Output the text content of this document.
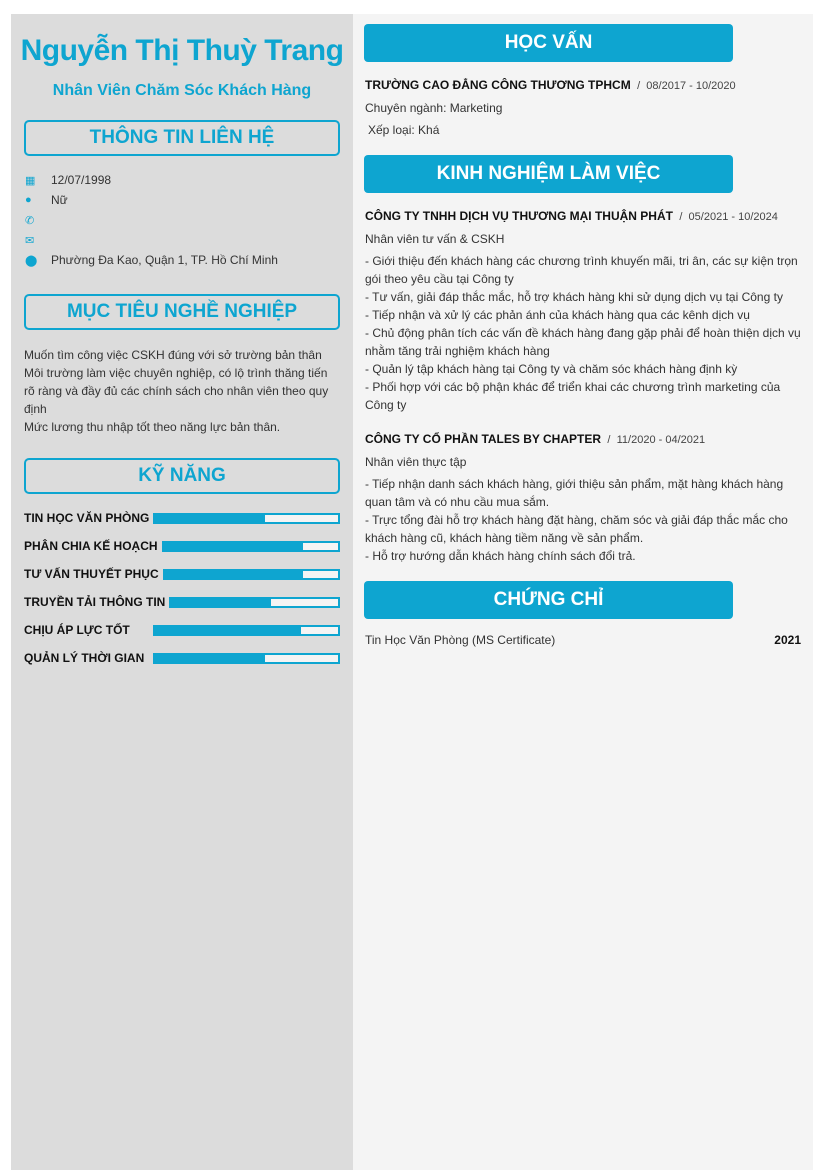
Nguyễn Thị Thuỳ Trang
Nhân Viên Chăm Sóc Khách Hàng
THÔNG TIN LIÊN HỆ
▦	12/07/1998
●	Nữ
✆
✉
⬤	Phường Đa Kao, Quận 1, TP. Hồ Chí Minh
MỤC TIÊU NGHỀ NGHIỆP
Muốn tìm công việc CSKH đúng với sở trường bản thân
Môi trường làm việc chuyên nghiệp, có lộ trình thăng tiến rõ ràng và đầy đủ các chính sách cho nhân viên theo quy định
Mức lương thu nhập tốt theo năng lực bản thân.
KỸ NĂNG
TIN HỌC VĂN PHÒNG
PHÂN CHIA KẾ HOẠCH
TƯ VẤN THUYẾT PHỤC
TRUYỀN TẢI THÔNG TIN
CHỊU ÁP LỰC TỐT
QUẢN LÝ THỜI GIAN
HỌC VẤN
TRƯỜNG CAO ĐẲNG CÔNG THƯƠNG TPHCM  /  08/2017 - 10/2020
Chuyên ngành: Marketing
Xếp loại: Khá
KINH NGHIỆM LÀM VIỆC
CÔNG TY TNHH DỊCH VỤ THƯƠNG MẠI THUẬN PHÁT  /  05/2021 - 10/2024
Nhân viên tư vấn & CSKH
- Giới thiệu đến khách hàng các chương trình khuyến mãi, tri ân, các sự kiện trọn gói theo yêu cầu tại Công ty
- Tư vấn, giải đáp thắc mắc, hỗ trợ khách hàng khi sử dụng dịch vụ tại Công ty
- Tiếp nhận và xử lý các phản ánh của khách hàng qua các kênh dịch vụ
- Chủ động phân tích các vấn đề khách hàng đang gặp phải để hoàn thiện dịch vụ nhằm tăng trải nghiệm khách hàng
- Quản lý tập khách hàng tại Công ty và chăm sóc khách hàng định kỳ
- Phối hợp với các bộ phận khác để triển khai các chương trình marketing của Công ty
CÔNG TY CỔ PHẦN TALES BY CHAPTER  /  11/2020 - 04/2021
Nhân viên thực tập
- Tiếp nhận danh sách khách hàng, giới thiệu sản phẩm, mặt hàng khách hàng quan tâm và có nhu cầu mua sắm.
- Trực tổng đài hỗ trợ khách hàng đặt hàng, chăm sóc và giải đáp thắc mắc cho khách hàng cũ, khách hàng tiềm năng về sản phẩm.
- Hỗ trợ hướng dẫn khách hàng chính sách đổi trả.
CHỨNG CHỈ
Tin Học Văn Phòng (MS Certificate)	2021
